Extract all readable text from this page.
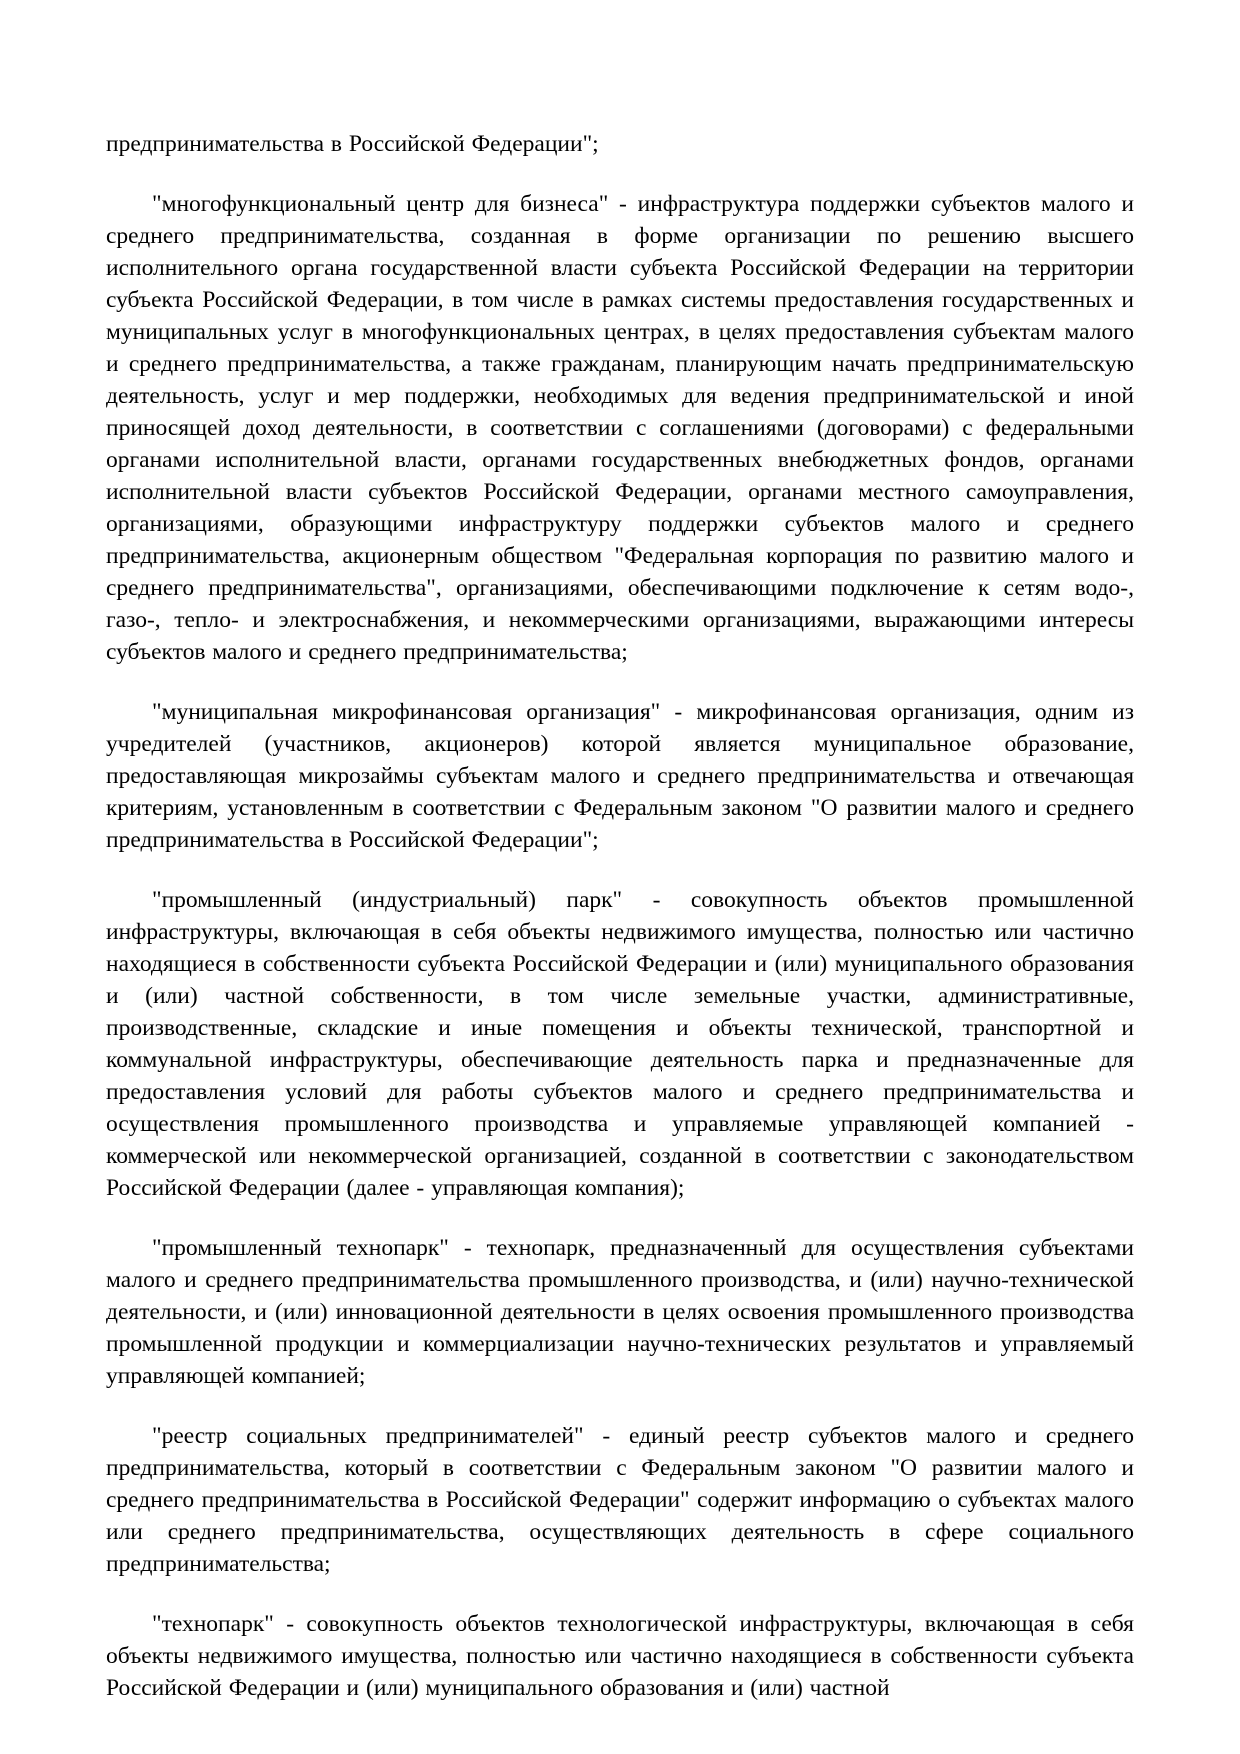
предпринимательства в Российской Федерации";

"многофункциональный центр для бизнеса" - инфраструктура поддержки субъектов малого и среднего предпринимательства, созданная в форме организации по решению высшего исполнительного органа государственной власти субъекта Российской Федерации на территории субъекта Российской Федерации, в том числе в рамках системы предоставления государственных и муниципальных услуг в многофункциональных центрах, в целях предоставления субъектам малого и среднего предпринимательства, а также гражданам, планирующим начать предпринимательскую деятельность, услуг и мер поддержки, необходимых для ведения предпринимательской и иной приносящей доход деятельности, в соответствии с соглашениями (договорами) с федеральными органами исполнительной власти, органами государственных внебюджетных фондов, органами исполнительной власти субъектов Российской Федерации, органами местного самоуправления, организациями, образующими инфраструктуру поддержки субъектов малого и среднего предпринимательства, акционерным обществом "Федеральная корпорация по развитию малого и среднего предпринимательства", организациями, обеспечивающими подключение к сетям водо-, газо-, тепло- и электроснабжения, и некоммерческими организациями, выражающими интересы субъектов малого и среднего предпринимательства;

"муниципальная микрофинансовая организация" - микрофинансовая организация, одним из учредителей (участников, акционеров) которой является муниципальное образование, предоставляющая микрозаймы субъектам малого и среднего предпринимательства и отвечающая критериям, установленным в соответствии с Федеральным законом "О развитии малого и среднего предпринимательства в Российской Федерации";

"промышленный (индустриальный) парк" - совокупность объектов промышленной инфраструктуры, включающая в себя объекты недвижимого имущества, полностью или частично находящиеся в собственности субъекта Российской Федерации и (или) муниципального образования и (или) частной собственности, в том числе земельные участки, административные, производственные, складские и иные помещения и объекты технической, транспортной и коммунальной инфраструктуры, обеспечивающие деятельность парка и предназначенные для предоставления условий для работы субъектов малого и среднего предпринимательства и осуществления промышленного производства и управляемые управляющей компанией - коммерческой или некоммерческой организацией, созданной в соответствии с законодательством Российской Федерации (далее - управляющая компания);

"промышленный технопарк" - технопарк, предназначенный для осуществления субъектами малого и среднего предпринимательства промышленного производства, и (или) научно-технической деятельности, и (или) инновационной деятельности в целях освоения промышленного производства промышленной продукции и коммерциализации научно-технических результатов и управляемый управляющей компанией;

"реестр социальных предпринимателей" - единый реестр субъектов малого и среднего предпринимательства, который в соответствии с Федеральным законом "О развитии малого и среднего предпринимательства в Российской Федерации" содержит информацию о субъектах малого или среднего предпринимательства, осуществляющих деятельность в сфере социального предпринимательства;

"технопарк" - совокупность объектов технологической инфраструктуры, включающая в себя объекты недвижимого имущества, полностью или частично находящиеся в собственности субъекта Российской Федерации и (или) муниципального образования и (или) частной
